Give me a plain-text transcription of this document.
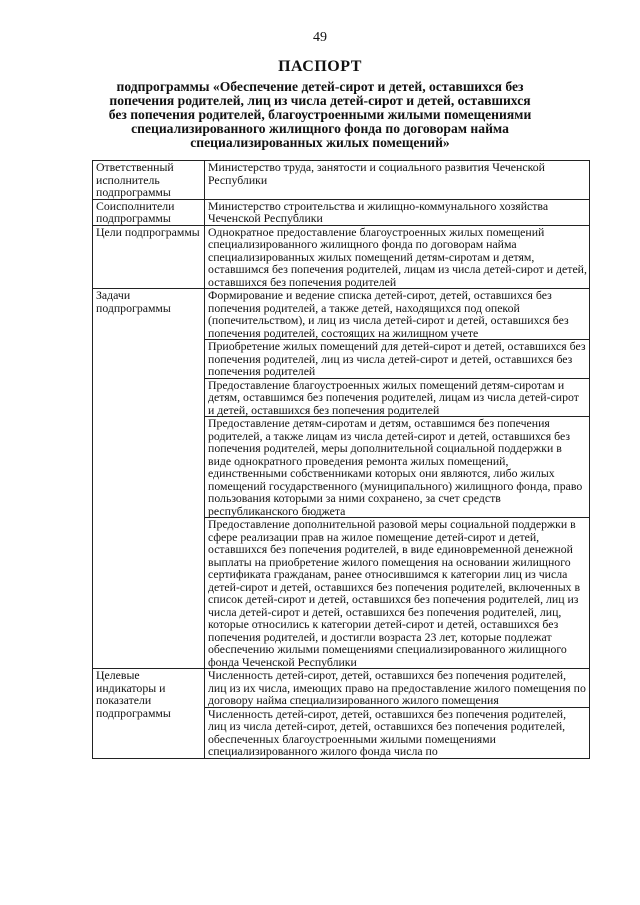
49
ПАСПОРТ
подпрограммы «Обеспечение детей-сирот и детей, оставшихся без попечения родителей, лиц из числа детей-сирот и детей, оставшихся без попечения родителей, благоустроенными жилыми помещениями специализированного жилищного фонда по договорам найма специализированных жилых помещений»
Ответственный исполнитель подпрограммы	Министерство труда, занятости и социального развития Чеченской Республики
Соисполнители подпрограммы	Министерство строительства и жилищно-коммунального хозяйства Чеченской Республики
Цели подпрограммы	Однократное предоставление благоустроенных жилых помещений специализированного жилищного фонда по договорам найма специализированных жилых помещений детям-сиротам и детям, оставшимся без попечения родителей, лицам из числа детей-сирот и детей, оставшихся без попечения родителей
Задачи подпрограммы	Формирование и ведение списка детей-сирот, детей, оставшихся без попечения родителей, а также детей, находящихся под опекой (попечительством), и лиц из числа детей-сирот и детей, оставшихся без попечения родителей, состоящих на жилищном учете
	Приобретение жилых помещений для детей-сирот и детей, оставшихся без попечения родителей, лиц из числа детей-сирот и детей, оставшихся без попечения родителей
	Предоставление благоустроенных жилых помещений детям-сиротам и детям, оставшимся без попечения родителей, лицам из числа детей-сирот и детей, оставшихся без попечения родителей
	Предоставление детям-сиротам и детям, оставшимся без попечения родителей, а также лицам из числа детей-сирот и детей, оставшихся без попечения родителей, меры дополнительной социальной поддержки в виде однократного проведения ремонта жилых помещений, единственными собственниками которых они являются, либо жилых помещений государственного (муниципального) жилищного фонда, право пользования которыми за ними сохранено, за счет средств республиканского бюджета
	Предоставление дополнительной разовой меры социальной поддержки в сфере реализации прав на жилое помещение детей-сирот и детей, оставшихся без попечения родителей, в виде единовременной денежной выплаты на приобретение жилого помещения на основании жилищного сертификата гражданам, ранее относившимся к категории лиц из числа детей-сирот и детей, оставшихся без попечения родителей, включенных в список детей-сирот и детей, оставшихся без попечения родителей, лиц из числа детей-сирот и детей, оставшихся без попечения родителей, лиц, которые относились к категории детей-сирот и детей, оставшихся без попечения родителей, и достигли возраста 23 лет, которые подлежат обеспечению жилыми помещениями специализированного жилищного фонда Чеченской Республики
Целевые индикаторы и показатели подпрограммы	Численность детей-сирот, детей, оставшихся без попечения родителей, лиц из их числа, имеющих право на предоставление жилого помещения по договору найма специализированного жилого помещения
	Численность детей-сирот, детей, оставшихся без попечения родителей, лиц из числа детей-сирот, детей, оставшихся без попечения родителей, обеспеченных благоустроенными жилыми помещениями специализированного жилого фонда числа по
